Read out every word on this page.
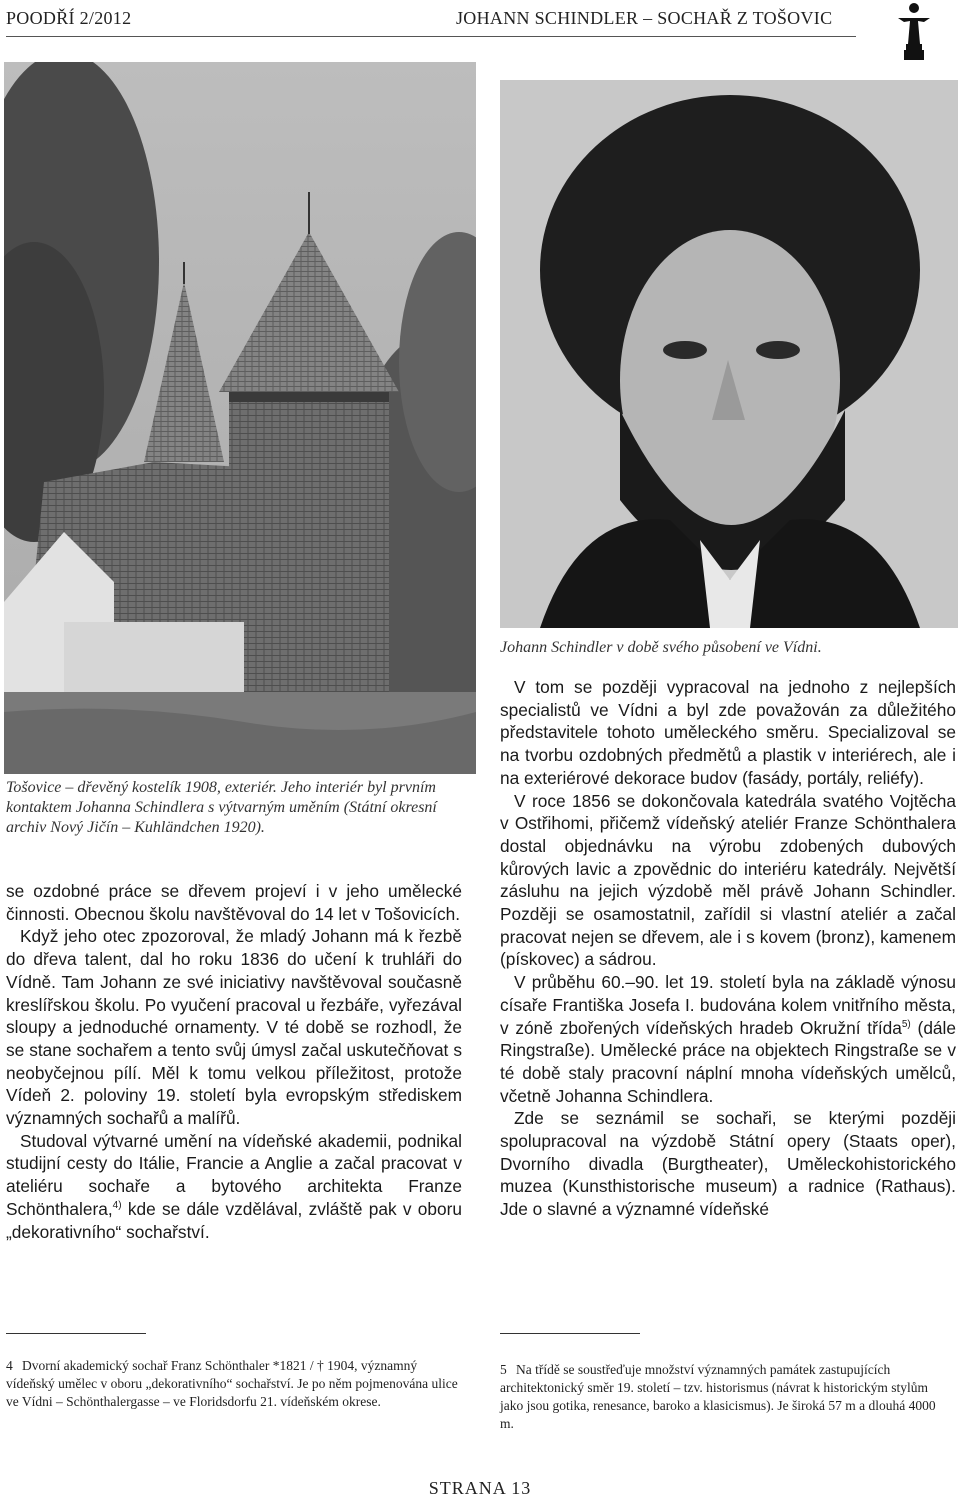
POODŘÍ 2/2012	JOHANN SCHINDLER – SOCHAŘ Z TOŠOVIC

Tošovice – dřevěný kostelík 1908, exteriér. Jeho interiér byl prvním kontaktem Johanna Schindlera s výtvarným uměním (Státní okresní archiv Nový Jičín – Kuhländchen 1920).

Johann Schindler v době svého působení ve Vídni.

se ozdobné práce se dřevem projeví i v jeho umělecké činnosti. Obecnou školu navštěvoval do 14 let v Tošovicích.

Když jeho otec zpozoroval, že mladý Johann má k řezbě do dřeva talent, dal ho roku 1836 do učení k truhláři do Vídně. Tam Johann ze své iniciativy navštěvoval současně kreslířskou školu. Po vyučení pracoval u řezbáře, vyřezával sloupy a jednoduché ornamenty. V té době se rozhodl, že se stane sochařem a tento svůj úmysl začal uskutečňovat s neobyčejnou pílí. Měl k tomu velkou příležitost, protože Vídeň 2. poloviny 19. století byla evropským střediskem významných sochařů a malířů.

Studoval výtvarné umění na vídeňské akademii, podnikal studijní cesty do Itálie, Francie a Anglie a začal pracovat v ateliéru sochaře a bytového architekta Franze Schönthalera,$^{4)}$ kde se dále vzdělával, zvláště pak v oboru „dekorativního“ sochařství.

V tom se později vypracoval na jednoho z nejlepších specialistů ve Vídni a byl zde považován za důležitého představitele tohoto uměleckého směru. Specializoval se na tvorbu ozdobných předmětů a plastik v interiérech, ale i na exteriérové dekorace budov (fasády, portály, reliéfy).

V roce 1856 se dokončovala katedrála svatého Vojtěcha v Ostřihomi, přičemž vídeňský ateliér Franze Schönthalera dostal objednávku na výrobu zdobených dubových kůrových lavic a zpovědnic do interiéru katedrály. Největší zásluhu na jejich výzdobě měl právě Johann Schindler. Později se osamostatnil, zařídil si vlastní ateliér a začal pracovat nejen se dřevem, ale i s kovem (bronz), kamenem (pískovec) a sádrou.

V průběhu 60.–90. let 19. století byla na základě výnosu císaře Františka Josefa I. budována kolem vnitřního města, v zóně zbořených vídeňských hradeb Okružní třída$^{5)}$ (dále Ringstraße). Umělecké práce na objektech Ringstraße se v té době staly pracovní náplní mnoha vídeňských umělců, včetně Johanna Schindlera.

Zde se seznámil se sochaři, se kterými později spolupracoval na výzdobě Státní opery (Staats oper), Dvorního divadla (Burgtheater), Uměleckohistorického muzea (Kunsthistorische museum) a radnice (Rathaus). Jde o slavné a významné vídeňské

4 Dvorní akademický sochař Franz Schönthaler *1821 / † 1904, významný vídeňský umělec v oboru „dekorativního“ sochařství. Je po něm pojmenována ulice ve Vídni – Schönthalergasse – ve Floridsdorfu 21. vídeňském okrese.

5 Na třídě se soustřeďuje množství významných památek zastupujících architektonický směr 19. století – tzv. historismus (návrat k historickým stylům jako jsou gotika, renesance, baroko a klasicismus). Je široká 57 m a dlouhá 4000 m.

STRANA 13
